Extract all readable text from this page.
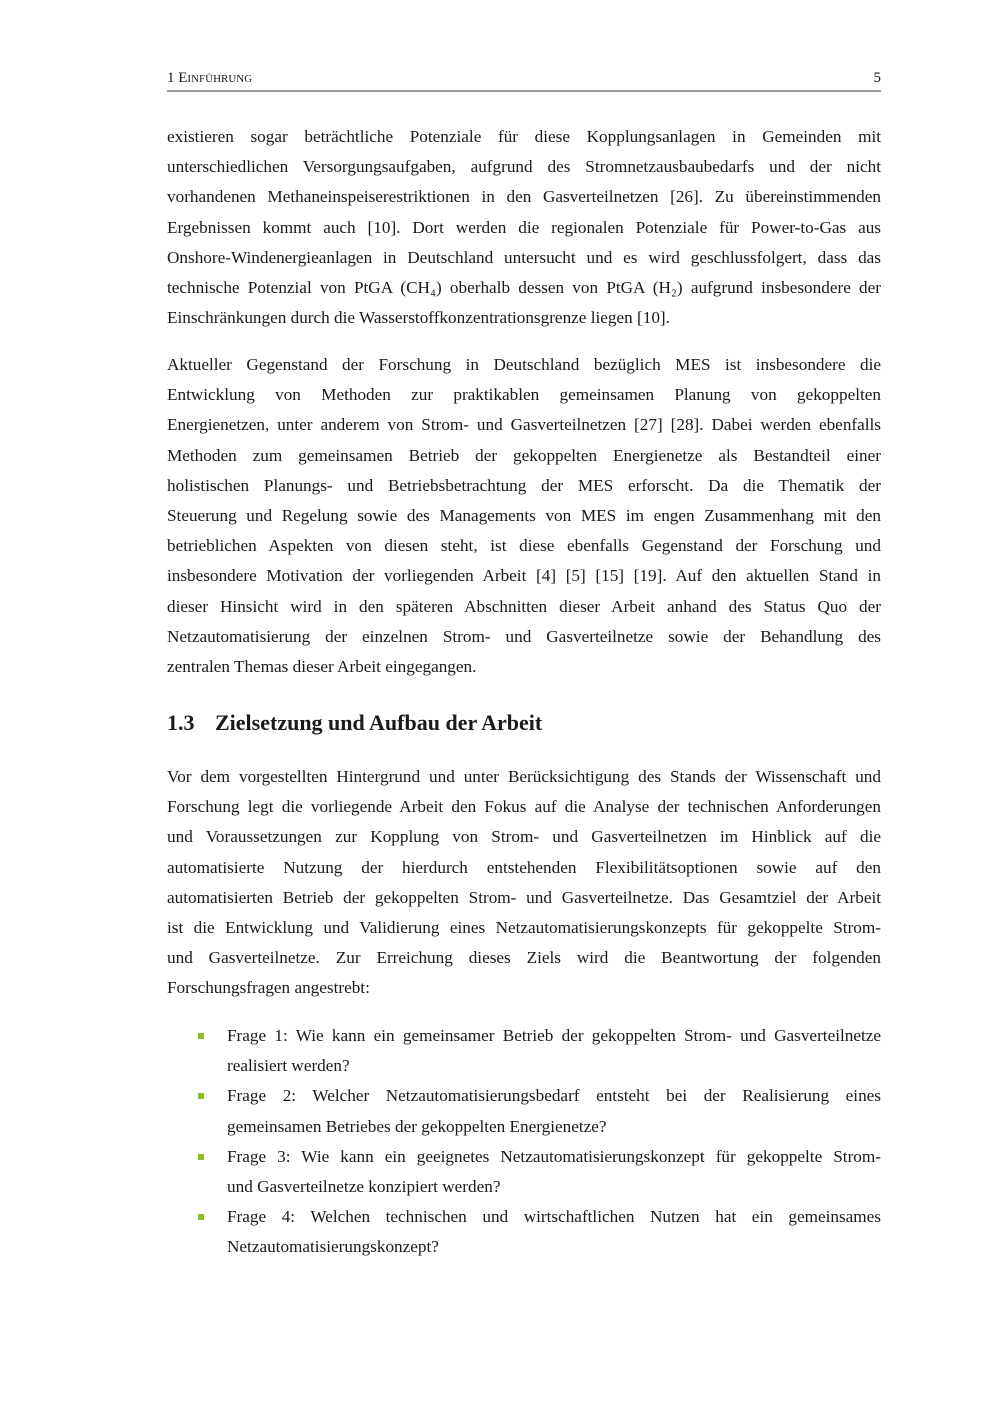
1 Einführung	5
existieren sogar beträchtliche Potenziale für diese Kopplungsanlagen in Gemeinden mit
unterschiedlichen Versorgungsaufgaben, aufgrund des Stromnetzausbaubedarfs und der nicht
vorhandenen Methaneinspeiserestriktionen in den Gasverteilnetzen [26]. Zu übereinstimmenden
Ergebnissen kommt auch [10]. Dort werden die regionalen Potenziale für Power-to-Gas aus
Onshore-Windenergieanlagen in Deutschland untersucht und es wird geschlussfolgert, dass das
technische Potenzial von PtGA (CH₄) oberhalb dessen von PtGA (H₂) aufgrund insbesondere der
Einschränkungen durch die Wasserstoffkonzentrationsgrenze liegen [10].
Aktueller Gegenstand der Forschung in Deutschland bezüglich MES ist insbesondere die
Entwicklung von Methoden zur praktikablen gemeinsamen Planung von gekoppelten
Energienetzen, unter anderem von Strom- und Gasverteilnetzen [27] [28]. Dabei werden ebenfalls
Methoden zum gemeinsamen Betrieb der gekoppelten Energienetze als Bestandteil einer
holistischen Planungs- und Betriebsbetrachtung der MES erforscht. Da die Thematik der
Steuerung und Regelung sowie des Managements von MES im engen Zusammenhang mit den
betrieblichen Aspekten von diesen steht, ist diese ebenfalls Gegenstand der Forschung und
insbesondere Motivation der vorliegenden Arbeit [4] [5] [15] [19]. Auf den aktuellen Stand in
dieser Hinsicht wird in den späteren Abschnitten dieser Arbeit anhand des Status Quo der
Netzautomatisierung der einzelnen Strom- und Gasverteilnetze sowie der Behandlung des
zentralen Themas dieser Arbeit eingegangen.
1.3 Zielsetzung und Aufbau der Arbeit
Vor dem vorgestellten Hintergrund und unter Berücksichtigung des Stands der Wissenschaft und
Forschung legt die vorliegende Arbeit den Fokus auf die Analyse der technischen Anforderungen
und Voraussetzungen zur Kopplung von Strom- und Gasverteilnetzen im Hinblick auf die
automatisierte Nutzung der hierdurch entstehenden Flexibilitätsoptionen sowie auf den
automatisierten Betrieb der gekoppelten Strom- und Gasverteilnetze. Das Gesamtziel der Arbeit
ist die Entwicklung und Validierung eines Netzautomatisierungskonzepts für gekoppelte Strom-
und Gasverteilnetze. Zur Erreichung dieses Ziels wird die Beantwortung der folgenden
Forschungsfragen angestrebt:
Frage 1: Wie kann ein gemeinsamer Betrieb der gekoppelten Strom- und Gasverteilnetze
realisiert werden?
Frage 2: Welcher Netzautomatisierungsbedarf entsteht bei der Realisierung eines
gemeinsamen Betriebes der gekoppelten Energienetze?
Frage 3: Wie kann ein geeignetes Netzautomatisierungskonzept für gekoppelte Strom-
und Gasverteilnetze konzipiert werden?
Frage 4: Welchen technischen und wirtschaftlichen Nutzen hat ein gemeinsames
Netzautomatisierungskonzept?
